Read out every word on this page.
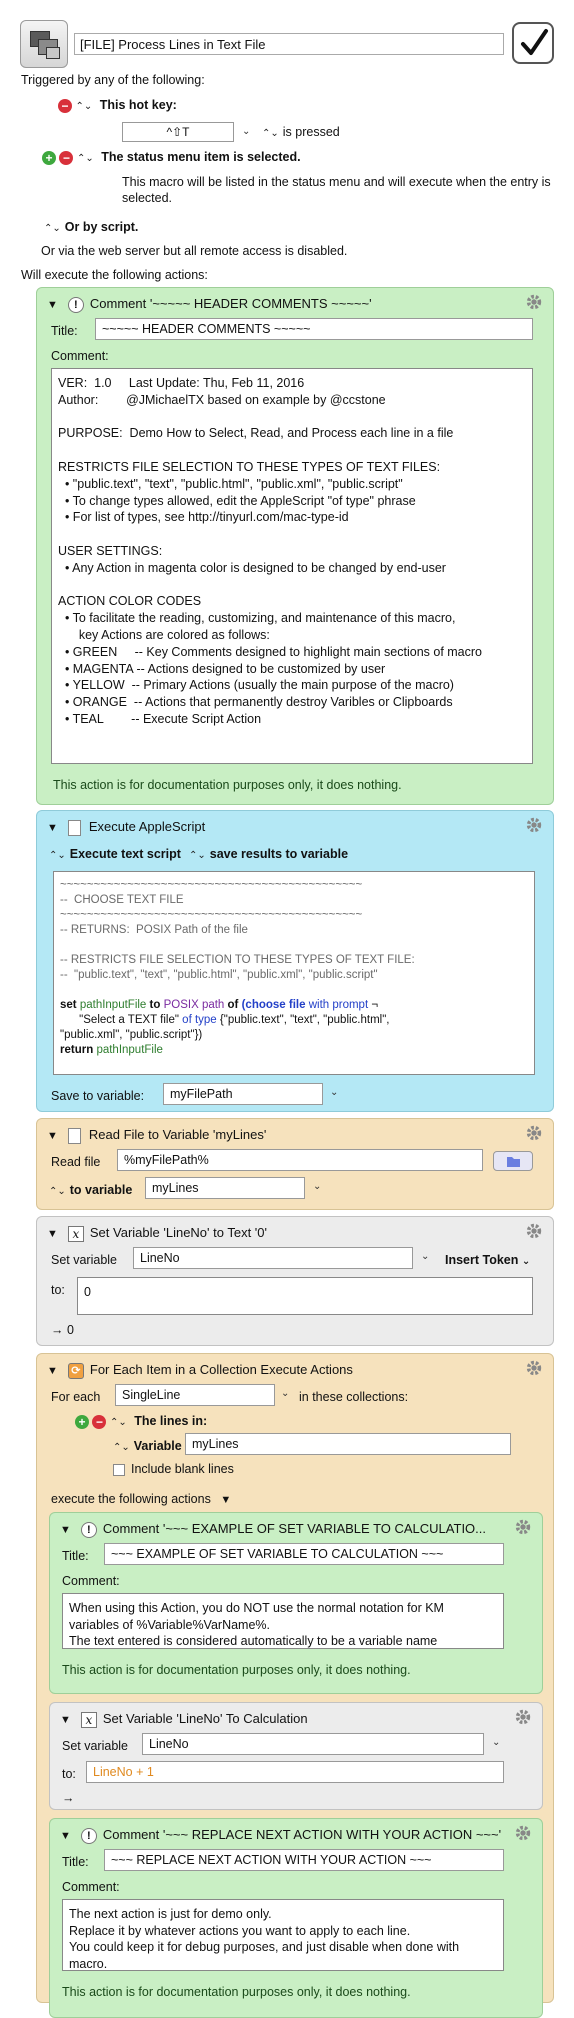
[FILE] Process Lines in Text File
Triggered by any of the following:
− ⌃⌄ This hot key:
^⇧T	⌄ ⌃⌄ is pressed
+ − ⌃⌄ The status menu item is selected.
This macro will be listed in the status menu and will execute when the entry is selected.
⌃⌄ Or by script.
Or via the web server but all remote access is disabled.
Will execute the following actions:
▼ ! Comment '~~~~~ HEADER COMMENTS ~~~~~'
Title:	~~~~~ HEADER COMMENTS ~~~~~
Comment:
VER:  1.0     Last Update: Thu, Feb 11, 2016
Author:        @JMichaelTX based on example by @ccstone

PURPOSE:  Demo How to Select, Read, and Process each line in a file

RESTRICTS FILE SELECTION TO THESE TYPES OF TEXT FILES:
• "public.text", "text", "public.html", "public.xml", "public.script"
• To change types allowed, edit the AppleScript "of type" phrase
• For list of types, see http://tinyurl.com/mac-type-id

USER SETTINGS:
• Any Action in magenta color is designed to be changed by end-user

ACTION COLOR CODES
• To facilitate the reading, customizing, and maintenance of this macro,
key Actions are colored as follows:
• GREEN     -- Key Comments designed to highlight main sections of macro
• MAGENTA -- Actions designed to be customized by user
• YELLOW  -- Primary Actions (usually the main purpose of the macro)
• ORANGE  -- Actions that permanently destroy Varibles or Clipboards
• TEAL        -- Execute Script Action
This action is for documentation purposes only, it does nothing.
▼ Execute AppleScript
⌃⌄ Execute text script ⌃⌄ save results to variable
~~~~~~~~~~~~~~~~~~~~~~~~~~~~~~~~~~~~~~~~~~~~~
--  CHOOSE TEXT FILE
~~~~~~~~~~~~~~~~~~~~~~~~~~~~~~~~~~~~~~~~~~~~~
-- RETURNS:  POSIX Path of the file

-- RESTRICTS FILE SELECTION TO THESE TYPES OF TEXT FILE:
--  "public.text", "text", "public.html", "public.xml", "public.script"

set pathInputFile to POSIX path of (choose file with prompt ¬
"Select a TEXT file" of type {"public.text", "text", "public.html",
"public.xml", "public.script"})
return pathInputFile
Save to variable:	myFilePath	⌄
▼ Read File to Variable 'myLines'
Read file	%myFilePath%
⌃⌄ to variable	myLines	⌄
▼ x Set Variable 'LineNo' to Text '0'
Set variable	LineNo	⌄ Insert Token ⌄
to:	0
→ 0
▼ ⟳ For Each Item in a Collection Execute Actions
For each	SingleLine	⌄ in these collections:
+ − ⌃⌄ The lines in:
⌃⌄ Variable myLines
Include blank lines
execute the following actions ▼
▼ ! Comment '~~~ EXAMPLE OF SET VARIABLE TO CALCULATIO...
Title:	~~~ EXAMPLE OF SET VARIABLE TO CALCULATION ~~~
Comment:
When using this Action, you do NOT use the normal notation for KM variables of %Variable%VarName%.
The text entered is considered automatically to be a variable name
This action is for documentation purposes only, it does nothing.
▼ x Set Variable 'LineNo' To Calculation
Set variable	LineNo	⌄
to:	LineNo + 1
→
▼ ! Comment '~~~ REPLACE NEXT ACTION WITH YOUR ACTION ~~~'
Title:	~~~ REPLACE NEXT ACTION WITH YOUR ACTION ~~~
Comment:
The next action is just for demo only.
Replace it by whatever actions you want to apply to each line.
You could keep it for debug purposes, and just disable when done with macro.
This action is for documentation purposes only, it does nothing.
